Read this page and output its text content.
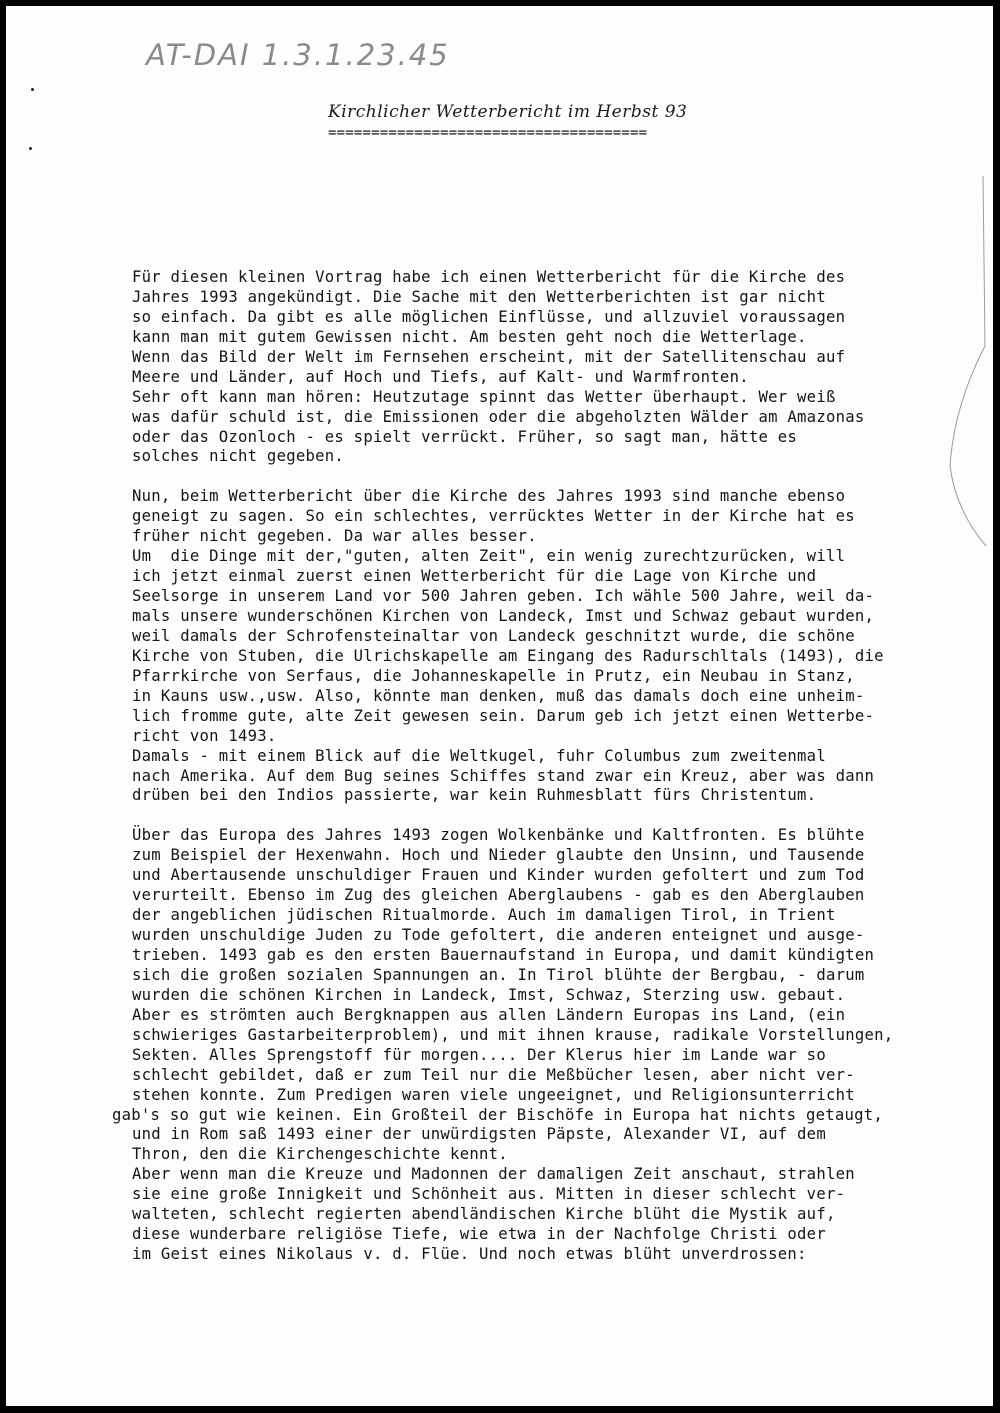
AT-DAI 1.3.1.23.45
Kirchlicher Wetterbericht im Herbst 93
=====================================
Für diesen kleinen Vortrag habe ich einen Wetterbericht für die Kirche des
Jahres 1993 angekündigt. Die Sache mit den Wetterberichten ist gar nicht
so einfach. Da gibt es alle möglichen Einflüsse, und allzuviel voraussagen
kann man mit gutem Gewissen nicht. Am besten geht noch die Wetterlage.
Wenn das Bild der Welt im Fernsehen erscheint, mit der Satellitenschau auf
Meere und Länder, auf Hoch und Tiefs, auf Kalt- und Warmfronten.
Sehr oft kann man hören: Heutzutage spinnt das Wetter überhaupt. Wer weiß
was dafür schuld ist, die Emissionen oder die abgeholzten Wälder am Amazonas
oder das Ozonloch - es spielt verrückt. Früher, so sagt man, hätte es
solches nicht gegeben.
Nun, beim Wetterbericht über die Kirche des Jahres 1993 sind manche ebenso
geneigt zu sagen. So ein schlechtes, verrücktes Wetter in der Kirche hat es
früher nicht gegeben. Da war alles besser.
Um  die Dinge mit der,"guten, alten Zeit", ein wenig zurechtzurücken, will
ich jetzt einmal zuerst einen Wetterbericht für die Lage von Kirche und
Seelsorge in unserem Land vor 500 Jahren geben. Ich wähle 500 Jahre, weil da-
mals unsere wunderschönen Kirchen von Landeck, Imst und Schwaz gebaut wurden,
weil damals der Schrofensteinaltar von Landeck geschnitzt wurde, die schöne
Kirche von Stuben, die Ulrichskapelle am Eingang des Radurschltals (1493), die
Pfarrkirche von Serfaus, die Johanneskapelle in Prutz, ein Neubau in Stanz,
in Kauns usw.,usw. Also, könnte man denken, muß das damals doch eine unheim-
lich fromme gute, alte Zeit gewesen sein. Darum geb ich jetzt einen Wetterbe-
richt von 1493.
Damals - mit einem Blick auf die Weltkugel, fuhr Columbus zum zweitenmal
nach Amerika. Auf dem Bug seines Schiffes stand zwar ein Kreuz, aber was dann
drüben bei den Indios passierte, war kein Ruhmesblatt fürs Christentum.
Über das Europa des Jahres 1493 zogen Wolkenbänke und Kaltfronten. Es blühte
zum Beispiel der Hexenwahn. Hoch und Nieder glaubte den Unsinn, und Tausende
und Abertausende unschuldiger Frauen und Kinder wurden gefoltert und zum Tod
verurteilt. Ebenso im Zug des gleichen Aberglaubens - gab es den Aberglauben
der angeblichen jüdischen Ritualmorde. Auch im damaligen Tirol, in Trient
wurden unschuldige Juden zu Tode gefoltert, die anderen enteignet und ausge-
trieben. 1493 gab es den ersten Bauernaufstand in Europa, und damit kündigten
sich die großen sozialen Spannungen an. In Tirol blühte der Bergbau, - darum
wurden die schönen Kirchen in Landeck, Imst, Schwaz, Sterzing usw. gebaut.
Aber es strömten auch Bergknappen aus allen Ländern Europas ins Land, (ein
schwieriges Gastarbeiterproblem), und mit ihnen krause, radikale Vorstellungen,
Sekten. Alles Sprengstoff für morgen.... Der Klerus hier im Lande war so
schlecht gebildet, daß er zum Teil nur die Meßbücher lesen, aber nicht ver-
stehen konnte. Zum Predigen waren viele ungeeignet, und Religionsunterricht
gab's so gut wie keinen. Ein Großteil der Bischöfe in Europa hat nichts getaugt,
und in Rom saß 1493 einer der unwürdigsten Päpste, Alexander VI, auf dem
Thron, den die Kirchengeschichte kennt.
Aber wenn man die Kreuze und Madonnen der damaligen Zeit anschaut, strahlen
sie eine große Innigkeit und Schönheit aus. Mitten in dieser schlecht ver-
walteten, schlecht regierten abendländischen Kirche blüht die Mystik auf,
diese wunderbare religiöse Tiefe, wie etwa in der Nachfolge Christi oder
im Geist eines Nikolaus v. d. Flüe. Und noch etwas blüht unverdrossen:
